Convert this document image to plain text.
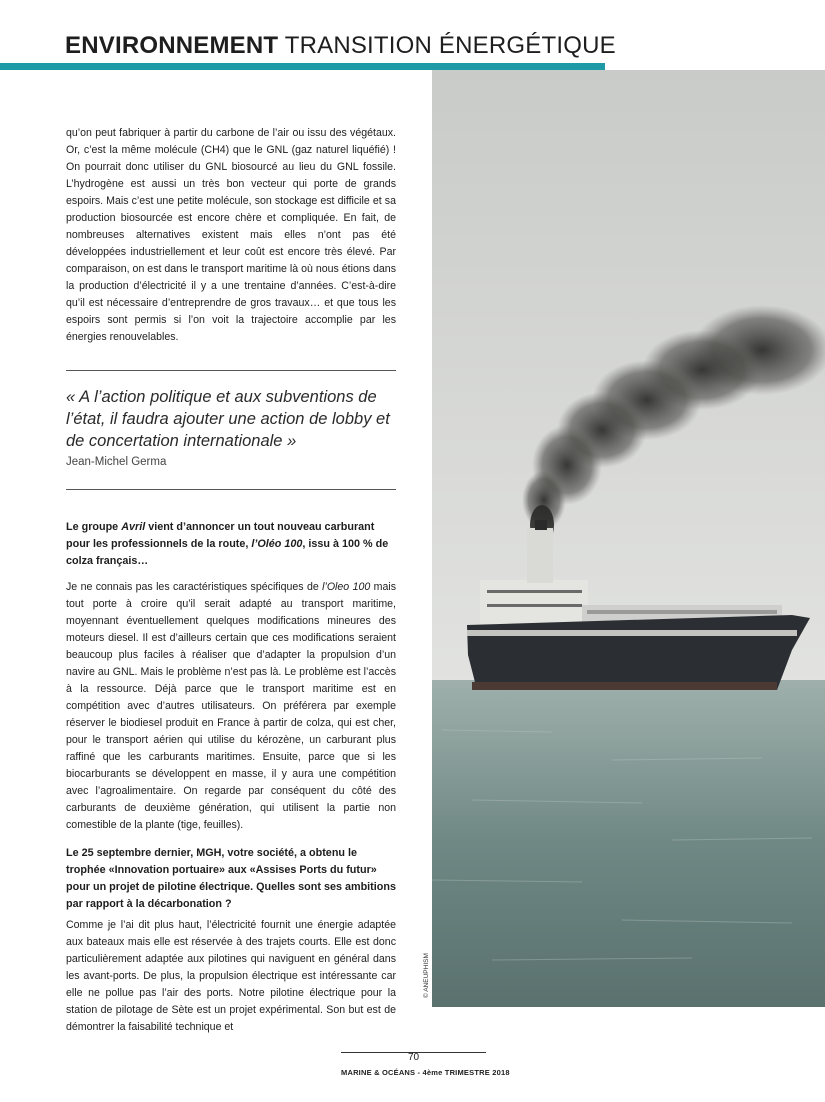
ENVIRONNEMENT TRANSITION ÉNERGÉTIQUE
© ANEUPHISM

qu’on peut fabriquer à partir du carbone de l’air ou issu des végétaux. Or, c’est la même molécule (CH4) que le GNL (gaz naturel liquéfié) ! On pourrait donc utiliser du GNL biosourcé au lieu du GNL fossile. L’hydrogène est aussi un très bon vecteur qui porte de grands espoirs. Mais c’est une petite molécule, son stockage est difficile et sa production biosourcée est encore chère et compliquée. En fait, de nombreuses alternatives existent mais elles n’ont pas été développées industriellement et leur coût est encore très élevé. Par comparaison, on est dans le transport maritime là où nous étions dans la production d’électricité il y a une trentaine d’années. C’est-à-dire qu’il est nécessaire d’entreprendre de gros travaux… et que tous les espoirs sont permis si l’on voit la trajectoire accomplie par les énergies renouvelables.

« A l’action politique et aux subventions de l’état, il faudra ajouter une action de lobby et de concertation internationale »
Jean-Michel Germa

Le groupe Avril vient d’annoncer un tout nouveau carburant pour les professionnels de la route, l’Oléo 100, issu à 100 % de colza français…

Je ne connais pas les caractéristiques spécifiques de l’Oleo 100 mais tout porte à croire qu’il serait adapté au transport maritime, moyennant éventuellement quelques modifications mineures des moteurs diesel. Il est d’ailleurs certain que ces modifications seraient beaucoup plus faciles à réaliser que d’adapter la propulsion d’un navire au GNL. Mais le problème n’est pas là. Le problème est l’accès à la ressource. Déjà parce que le transport maritime est en compétition avec d’autres utilisateurs. On préférera par exemple réserver le biodiesel produit en France à partir de colza, qui est cher, pour le transport aérien qui utilise du kérozène, un carburant plus raffiné que les carburants maritimes. Ensuite, parce que si les biocarburants se développent en masse, il y aura une compétition avec l’agroalimentaire. On regarde par conséquent du côté des carburants de deuxième génération, qui utilisent la partie non comestible de la plante (tige, feuilles).

Le 25 septembre dernier, MGH, votre société, a obtenu le trophée «Innovation portuaire» aux «Assises Ports du futur» pour un projet de pilotine électrique. Quelles sont ses ambitions par rapport à la décarbonation ?

Comme je l’ai dit plus haut, l’électricité fournit une énergie adaptée aux bateaux mais elle est réservée à des trajets courts. Elle est donc particulièrement adaptée aux pilotines qui naviguent en général dans les avant-ports. De plus, la propulsion électrique est intéressante car elle ne pollue pas l’air des ports. Notre pilotine électrique pour la station de pilotage de Sète est un projet expérimental. Son but est de démontrer la faisabilité technique et

70
MARINE & OCÉANS - 4ème TRIMESTRE 2018
